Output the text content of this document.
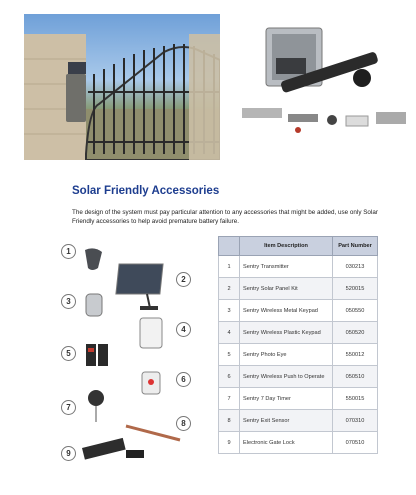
Solar Friendly Accessories
The design of the system must pay particular attention to any accessories that might be added, use only Solar Friendly accessories to help avoid premature battery failure.
1
2
3
4
5
6
7
8
9
	Item Description	Part Number
1	Sentry Transmitter	030213
2	Sentry Solar Panel Kit	520015
3	Sentry Wireless Metal Keypad	050550
4	Sentry Wireless Plastic Keypad	050520
5	Sentry Photo Eye	550012
6	Sentry Wireless Push to Operate	050510
7	Sentry 7 Day Timer	550015
8	Sentry Exit Sensor	070310
9	Electronic Gate Lock	070510
